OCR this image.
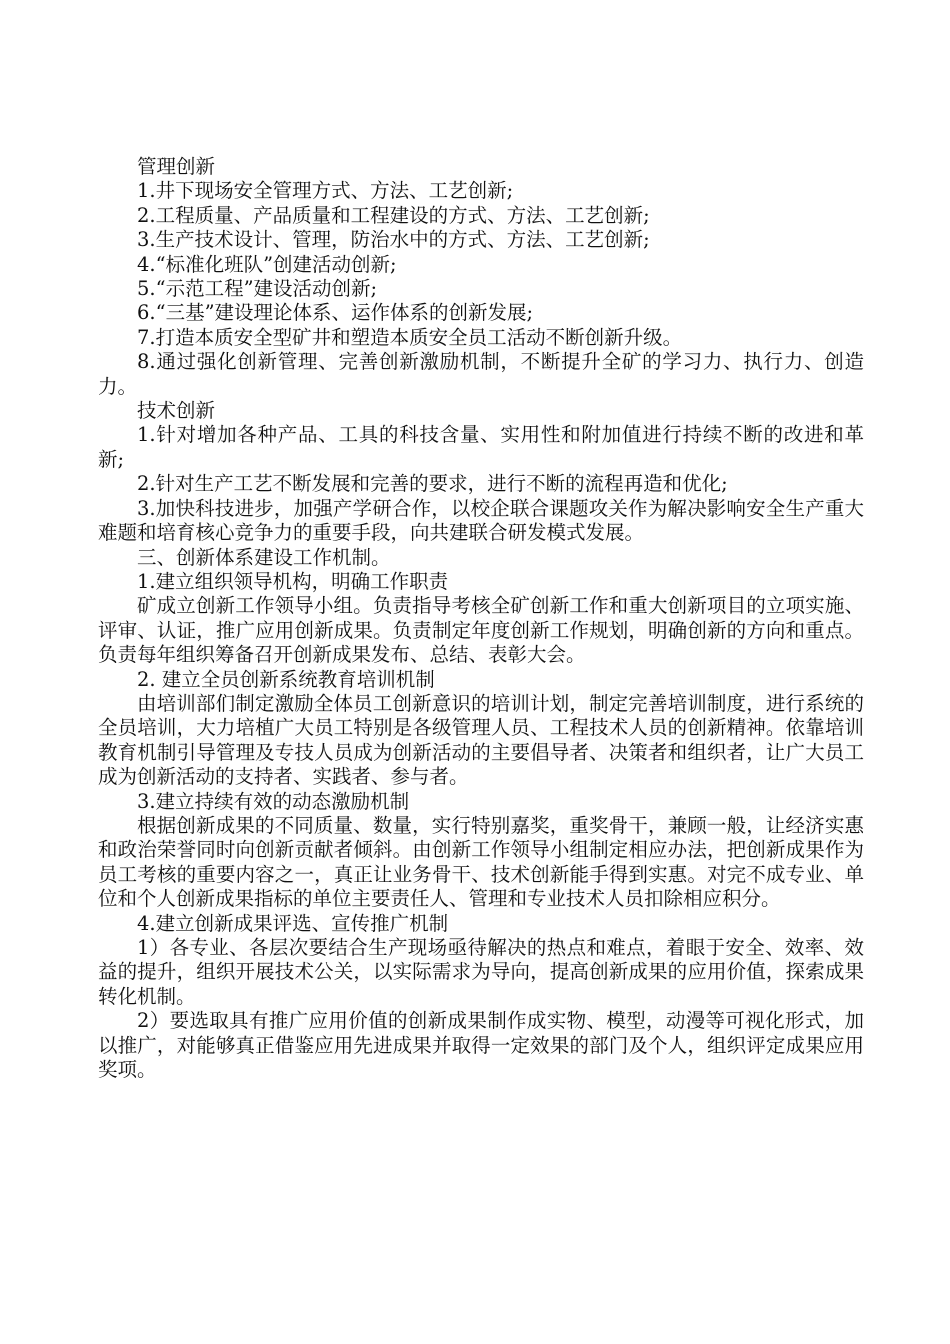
管理创新

1.井下现场安全管理方式、方法、工艺创新;

2.工程质量、产品质量和工程建设的方式、方法、工艺创新;

3.生产技术设计、管理，防治水中的方式、方法、工艺创新;

4.“标准化班队”创建活动创新;

5.“示范工程”建设活动创新;

6.“三基”建设理论体系、运作体系的创新发展;

7.打造本质安全型矿井和塑造本质安全员工活动不断创新升级。

8.通过强化创新管理、完善创新激励机制，不断提升全矿的学习力、执行力、创造力。

技术创新

1.针对增加各种产品、工具的科技含量、实用性和附加值进行持续不断的改进和革新;

2.针对生产工艺不断发展和完善的要求，进行不断的流程再造和优化;

3.加快科技进步，加强产学研合作，以校企联合课题攻关作为解决影响安全生产重大难题和培育核心竞争力的重要手段，向共建联合研发模式发展。

三、创新体系建设工作机制。

1.建立组织领导机构，明确工作职责

矿成立创新工作领导小组。负责指导考核全矿创新工作和重大创新项目的立项实施、评审、认证，推广应用创新成果。负责制定年度创新工作规划，明确创新的方向和重点。负责每年组织筹备召开创新成果发布、总结、表彰大会。

2. 建立全员创新系统教育培训机制

由培训部们制定激励全体员工创新意识的培训计划，制定完善培训制度，进行系统的全员培训，大力培植广大员工特别是各级管理人员、工程技术人员的创新精神。依靠培训教育机制引导管理及专技人员成为创新活动的主要倡导者、决策者和组织者，让广大员工成为创新活动的支持者、实践者、参与者。

3.建立持续有效的动态激励机制

根据创新成果的不同质量、数量，实行特别嘉奖，重奖骨干，兼顾一般，让经济实惠和政治荣誉同时向创新贡献者倾斜。由创新工作领导小组制定相应办法，把创新成果作为员工考核的重要内容之一，真正让业务骨干、技术创新能手得到实惠。对完不成专业、单位和个人创新成果指标的单位主要责任人、管理和专业技术人员扣除相应积分。

4.建立创新成果评选、宣传推广机制

1）各专业、各层次要结合生产现场亟待解决的热点和难点，着眼于安全、效率、效益的提升，组织开展技术公关，以实际需求为导向，提高创新成果的应用价值，探索成果转化机制。

2）要选取具有推广应用价值的创新成果制作成实物、模型，动漫等可视化形式，加以推广，对能够真正借鉴应用先进成果并取得一定效果的部门及个人，组织评定成果应用奖项。
